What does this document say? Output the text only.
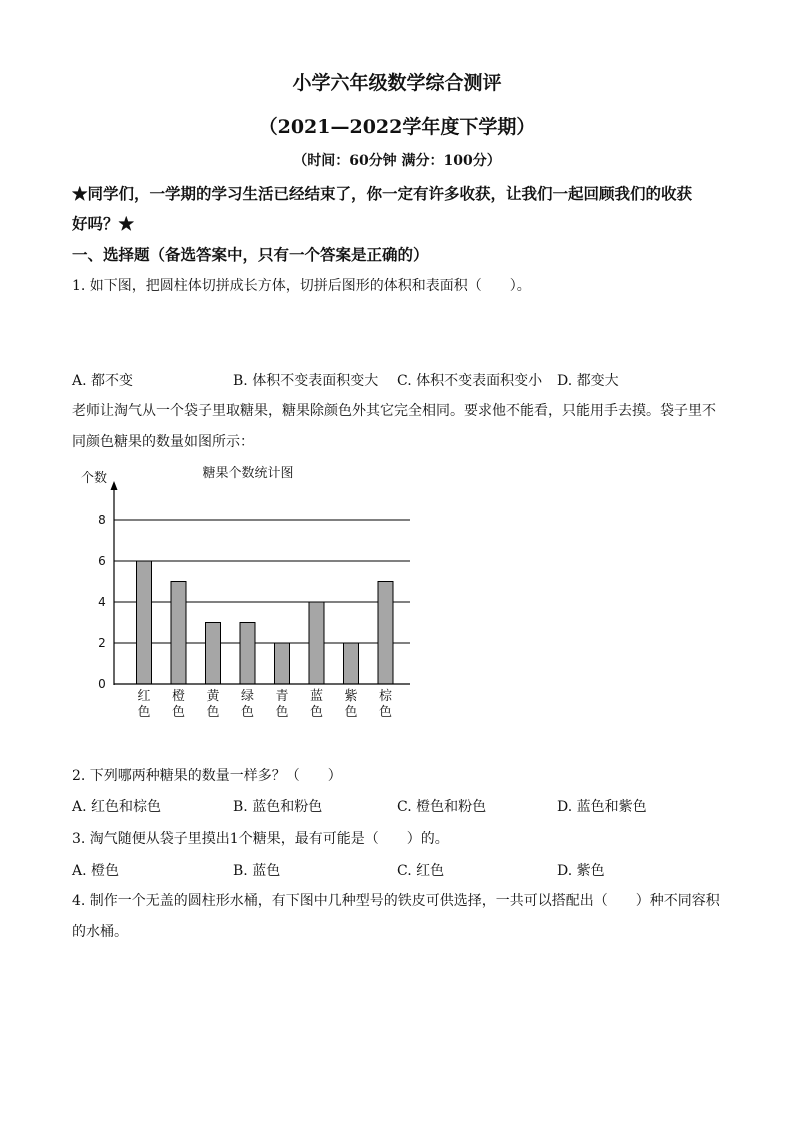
小学六年级数学综合测评
（2021—2022学年度下学期）
（时间：60分钟 满分：100分）
★同学们，一学期的学习生活已经结束了，你一定有许多收获，让我们一起回顾我们的收获
好吗？★
一、选择题（备选答案中，只有一个答案是正确的）
1. 如下图，把圆柱体切拼成长方体，切拼后图形的体积和表面积（　　）。
A. 都不变	B. 体积不变表面积变大 C. 体积不变表面积变小 D. 都变大
老师让淘气从一个袋子里取糖果，糖果除颜色外其它完全相同。要求他不能看，只能用手去摸。袋子里不
同颜色糖果的数量如图所示：
糖果个数统计图
个数
0
2
4
6
8
红
色
橙
色
黄
色
绿
色
青
色
蓝
色
紫
色
棕
色
2. 下列哪两种糖果的数量一样多？（　　）
A. 红色和棕色	B. 蓝色和粉色	C. 橙色和粉色	D. 蓝色和紫色
3. 淘气随便从袋子里摸出1个糖果，最有可能是（　　）的。
A. 橙色	B. 蓝色	C. 红色	D. 紫色
4. 制作一个无盖的圆柱形水桶，有下图中几种型号的铁皮可供选择，一共可以搭配出（　　）种不同容积
的水桶。
